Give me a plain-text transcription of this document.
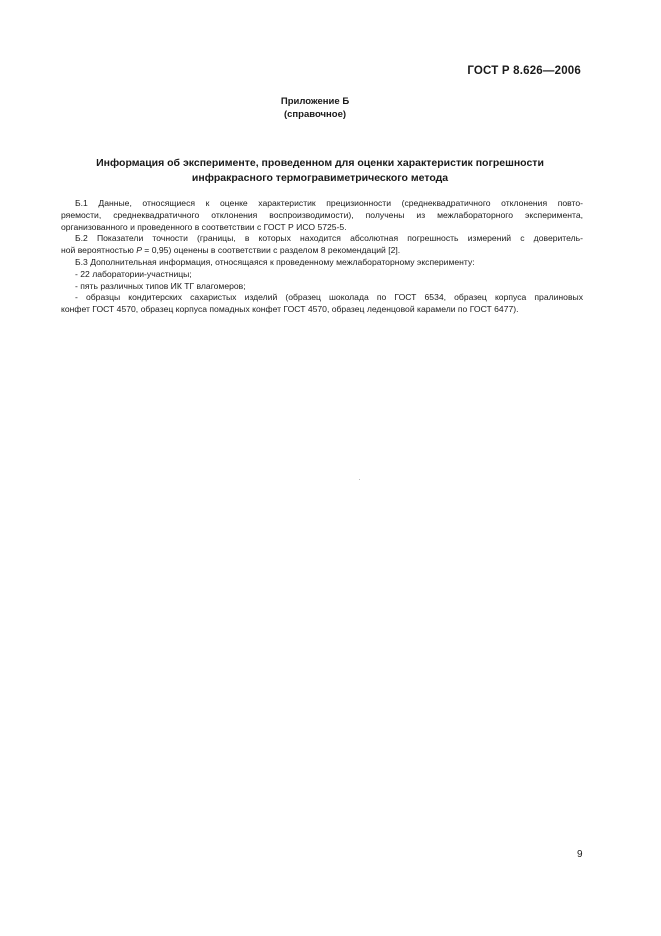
ГОСТ Р 8.626—2006
Приложение Б
(справочное)
Информация об эксперименте, проведенном для оценки характеристик погрешности
инфракрасного термогравиметрического метода
Б.1 Данные, относящиеся к оценке характеристик прецизионности (среднеквадратичного отклонения повто-
ряемости, среднеквадратичного отклонения воспроизводимости), получены из межлабораторного эксперимента,
организованного и проведенного в соответствии с ГОСТ Р ИСО 5725-5.
Б.2 Показатели точности (границы, в которых находится абсолютная погрешность измерений с доверитель-
ной вероятностью P = 0,95) оценены в соответствии с разделом 8 рекомендаций [2].
Б.3 Дополнительная информация, относящаяся к проведенному межлабораторному эксперименту:
- 22 лаборатории-участницы;
- пять различных типов ИК ТГ влагомеров;
- образцы кондитерских сахаристых изделий (образец шоколада по ГОСТ 6534, образец корпуса пралиновых
конфет ГОСТ 4570, образец корпуса помадных конфет ГОСТ 4570, образец леденцовой карамели по ГОСТ 6477).
9
